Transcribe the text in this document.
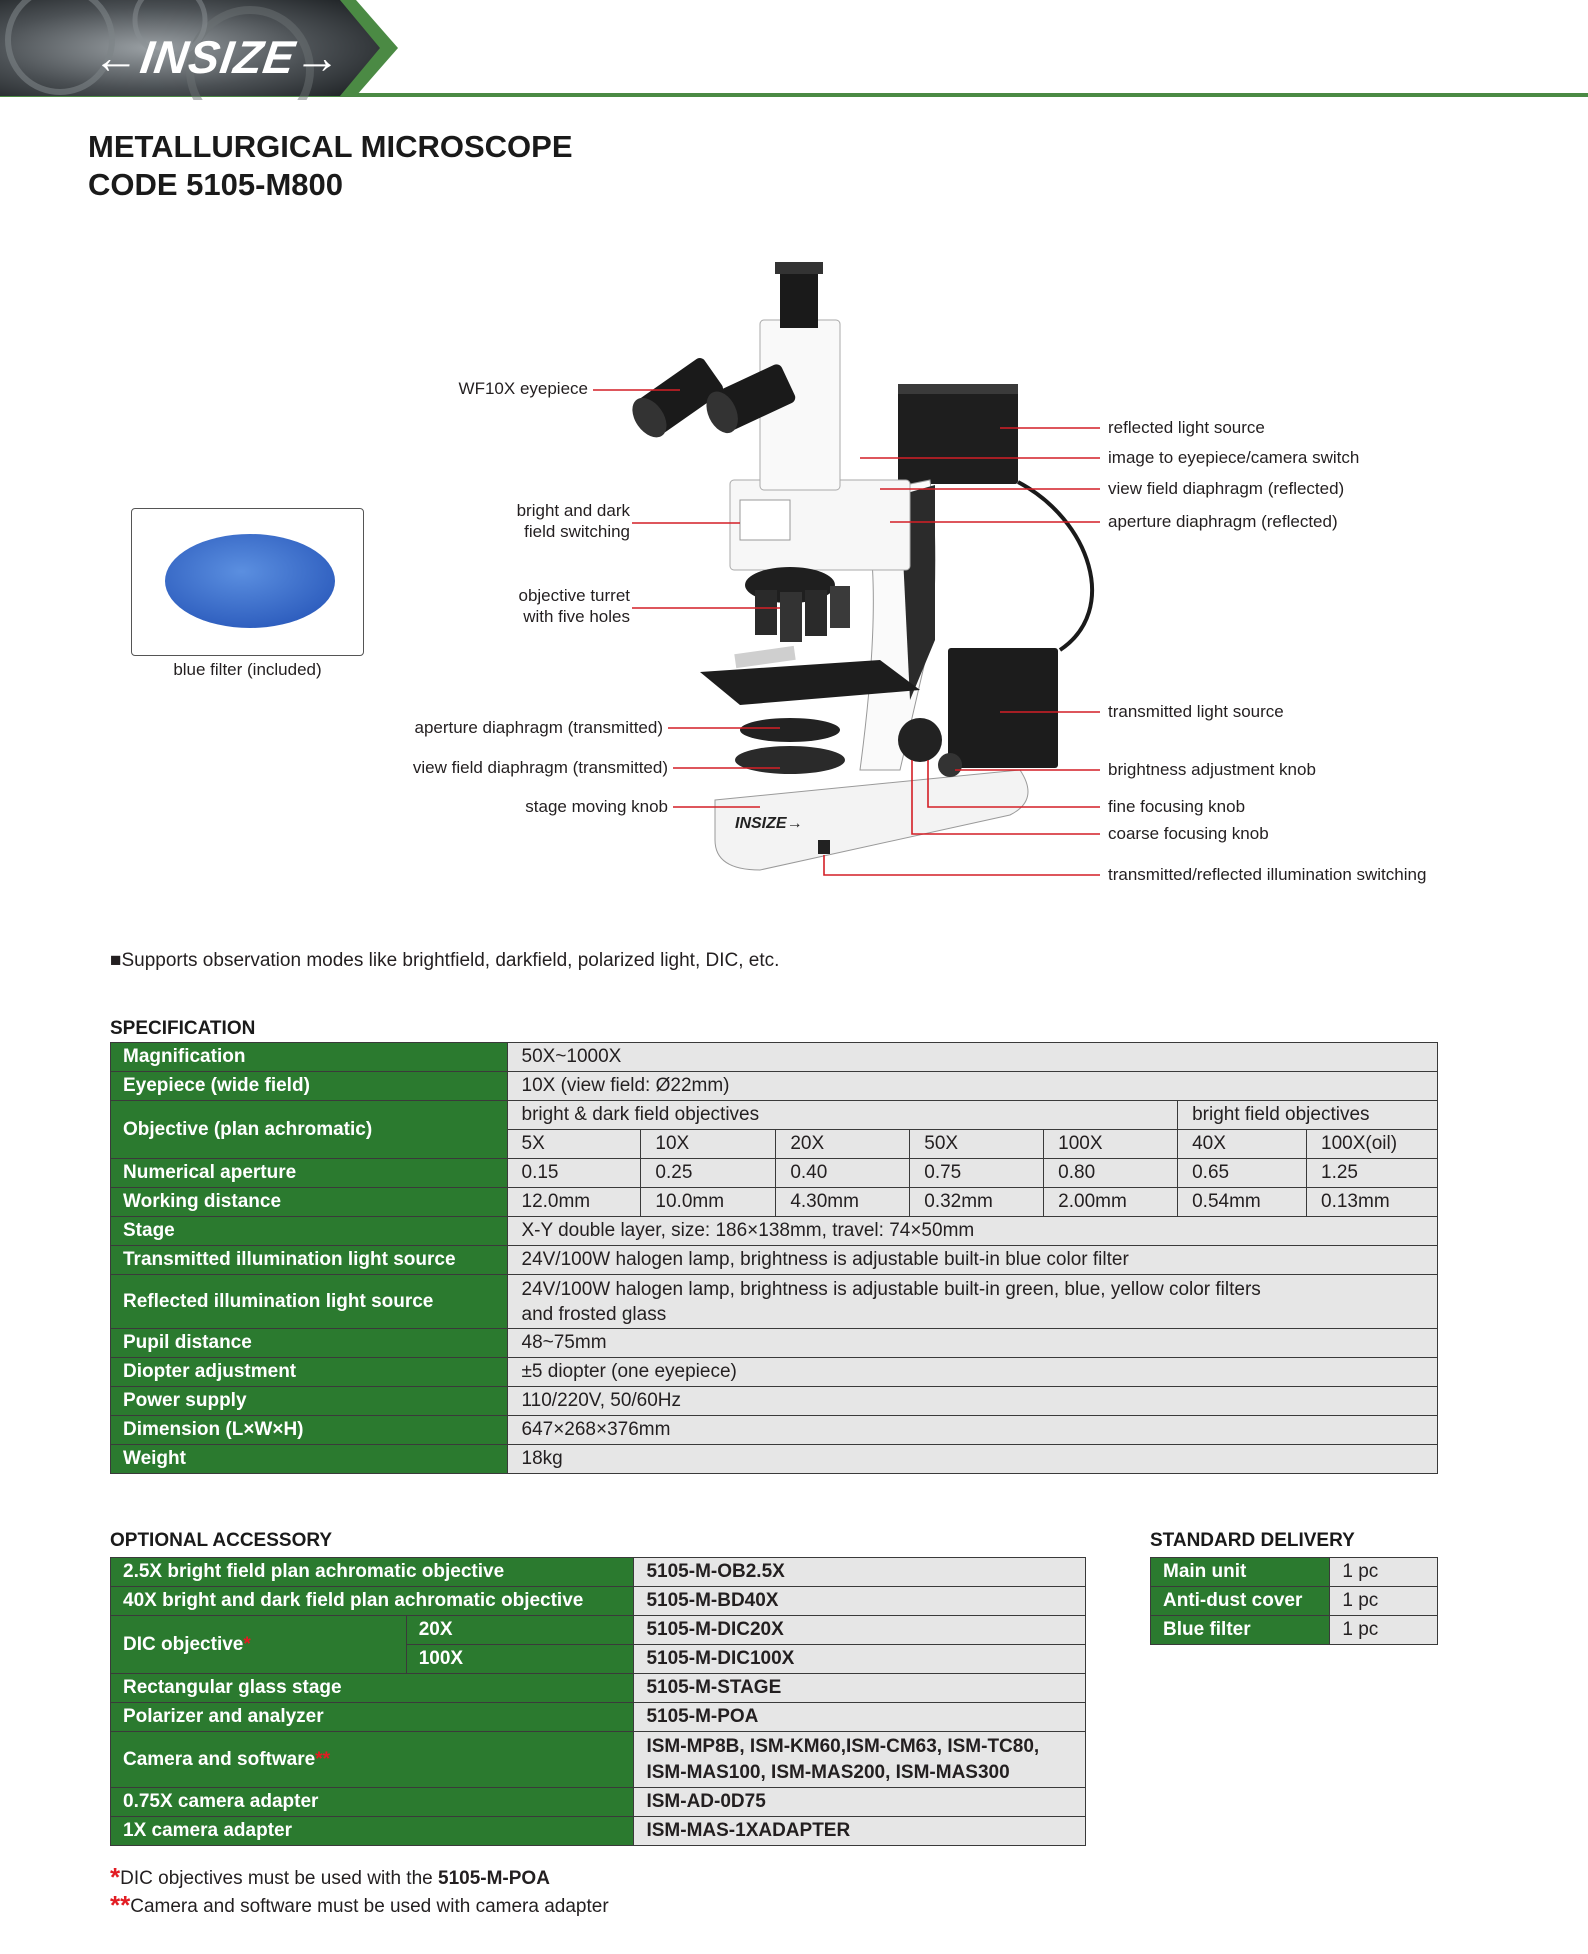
←INSIZE→
METALLURGICAL MICROSCOPE
CODE 5105-M800
INSIZE→
WF10X eyepiece
bright and dark
field switching
objective turret
with five holes
aperture diaphragm (transmitted)
view field diaphragm (transmitted)
stage moving knob
reflected light source
image to eyepiece/camera switch
view field diaphragm (reflected)
aperture diaphragm (reflected)
transmitted light source
brightness adjustment knob
fine focusing knob
coarse focusing knob
transmitted/reflected illumination switching
blue filter (included)
■Supports observation modes like brightfield, darkfield, polarized light, DIC, etc.
SPECIFICATION
Magnification	50X~1000X						
Eyepiece (wide field)	10X (view field: Ø22mm)						
Objective (plan achromatic)	bright & dark field objectives					bright field objectives	
	5X	10X	20X	50X	100X	40X	100X(oil)
Numerical aperture	0.15	0.25	0.40	0.75	0.80	0.65	1.25
Working distance	12.0mm	10.0mm	4.30mm	0.32mm	2.00mm	0.54mm	0.13mm
Stage	X-Y double layer, size: 186×138mm, travel: 74×50mm						
Transmitted illumination light source	24V/100W halogen lamp, brightness is adjustable built-in blue color filter						
Reflected illumination light source	24V/100W halogen lamp, brightness is adjustable built-in green, blue, yellow color filters
and frosted glass						

Pupil distance	48~75mm						
Diopter adjustment	±5 diopter (one eyepiece)						
Power supply	110/220V, 50/60Hz						
Dimension (L×W×H)	647×268×376mm						
Weight	18kg						
OPTIONAL ACCESSORY
2.5X bright field plan achromatic objective		5105-M-OB2.5X
40X bright and dark field plan achromatic objective		5105-M-BD40X
DIC objective*	20X	5105-M-DIC20X
	100X	5105-M-DIC100X
Rectangular glass stage		5105-M-STAGE
Polarizer and analyzer		5105-M-POA
Camera and software**		ISM-MP8B, ISM-KM60,ISM-CM63, ISM-TC80,
ISM-MAS100, ISM-MAS200, ISM-MAS300

0.75X camera adapter		ISM-AD-0D75
1X camera adapter		ISM-MAS-1XADAPTER
*DIC objectives must be used with the 5105-M-POA
**Camera and software must be used with camera adapter
STANDARD DELIVERY
Main unit	1 pc
Anti-dust cover	1 pc
Blue filter	1 pc
